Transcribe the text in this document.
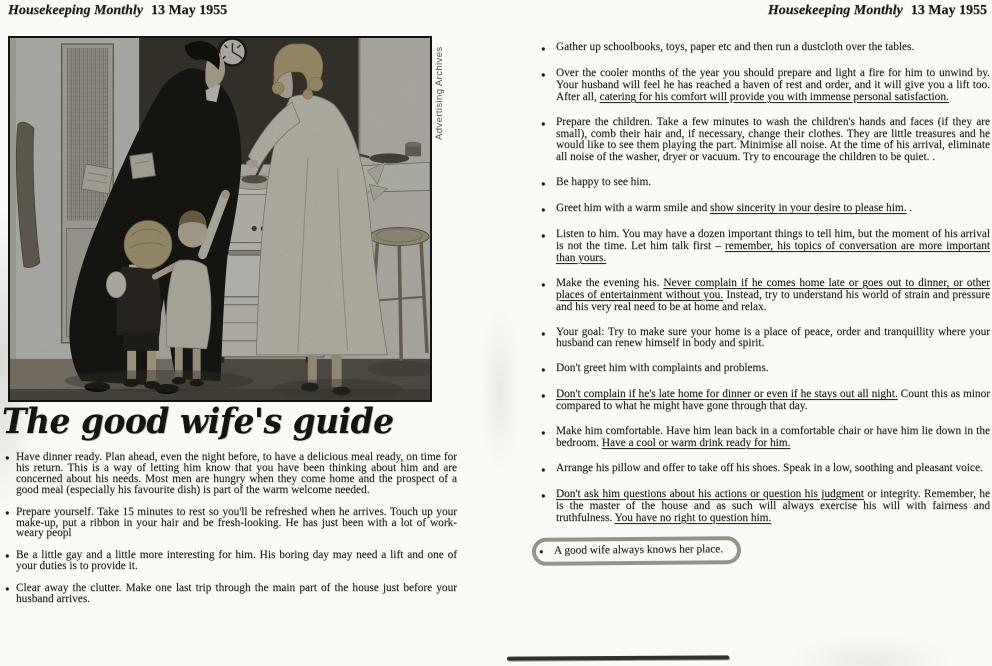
Housekeeping Monthly 13 May 1955	Housekeeping Monthly 13 May 1955
Advertising Archives
The good wife's guide
● Have dinner ready. Plan ahead, even the night before, to have a delicious meal ready, on time for his return. This is a way of letting him know that you have been thinking about him and are concerned about his needs. Most men are hungry when they come home and the prospect of a good meal (especially his favourite dish) is part of the warm welcome needed.
● Prepare yourself. Take 15 minutes to rest so you'll be refreshed when he arrives. Touch up your make-up, put a ribbon in your hair and be fresh-looking. He has just been with a lot of work-weary peopl
● Be a little gay and a little more interesting for him. His boring day may need a lift and one of your duties is to provide it.
● Clear away the clutter. Make one last trip through the main part of the house just before your husband arrives.
● Gather up schoolbooks, toys, paper etc and then run a dustcloth over the tables.
● Over the cooler months of the year you should prepare and light a fire for him to unwind by. Your husband will feel he has reached a haven of rest and order, and it will give you a lift too. After all, catering for his comfort will provide you with immense personal satisfaction.
● Prepare the children. Take a few minutes to wash the children's hands and faces (if they are small), comb their hair and, if necessary, change their clothes. They are little treasures and he would like to see them playing the part. Minimise all noise. At the time of his arrival, eliminate all noise of the washer, dryer or vacuum. Try to encourage the children to be quiet. .
● Be happy to see him.
● Greet him with a warm smile and show sincerity in your desire to please him. .
● Listen to him. You may have a dozen important things to tell him, but the moment of his arrival is not the time. Let him talk first – remember, his topics of conversation are more important than yours.
● Make the evening his. Never complain if he comes home late or goes out to dinner, or other places of entertainment without you. Instead, try to understand his world of strain and pressure and his very real need to be at home and relax.
● Your goal: Try to make sure your home is a place of peace, order and tranquillity where your husband can renew himself in body and spirit.
● Don't greet him with complaints and problems.
● Don't complain if he's late home for dinner or even if he stays out all night. Count this as minor compared to what he might have gone through that day.
● Make him comfortable. Have him lean back in a comfortable chair or have him lie down in the bedroom. Have a cool or warm drink ready for him.
● Arrange his pillow and offer to take off his shoes. Speak in a low, soothing and pleasant voice.
● Don't ask him questions about his actions or question his judgment or integrity. Remember, he is the master of the house and as such will always exercise his will with fairness and truthfulness. You have no right to question him.
● A good wife always knows her place.
